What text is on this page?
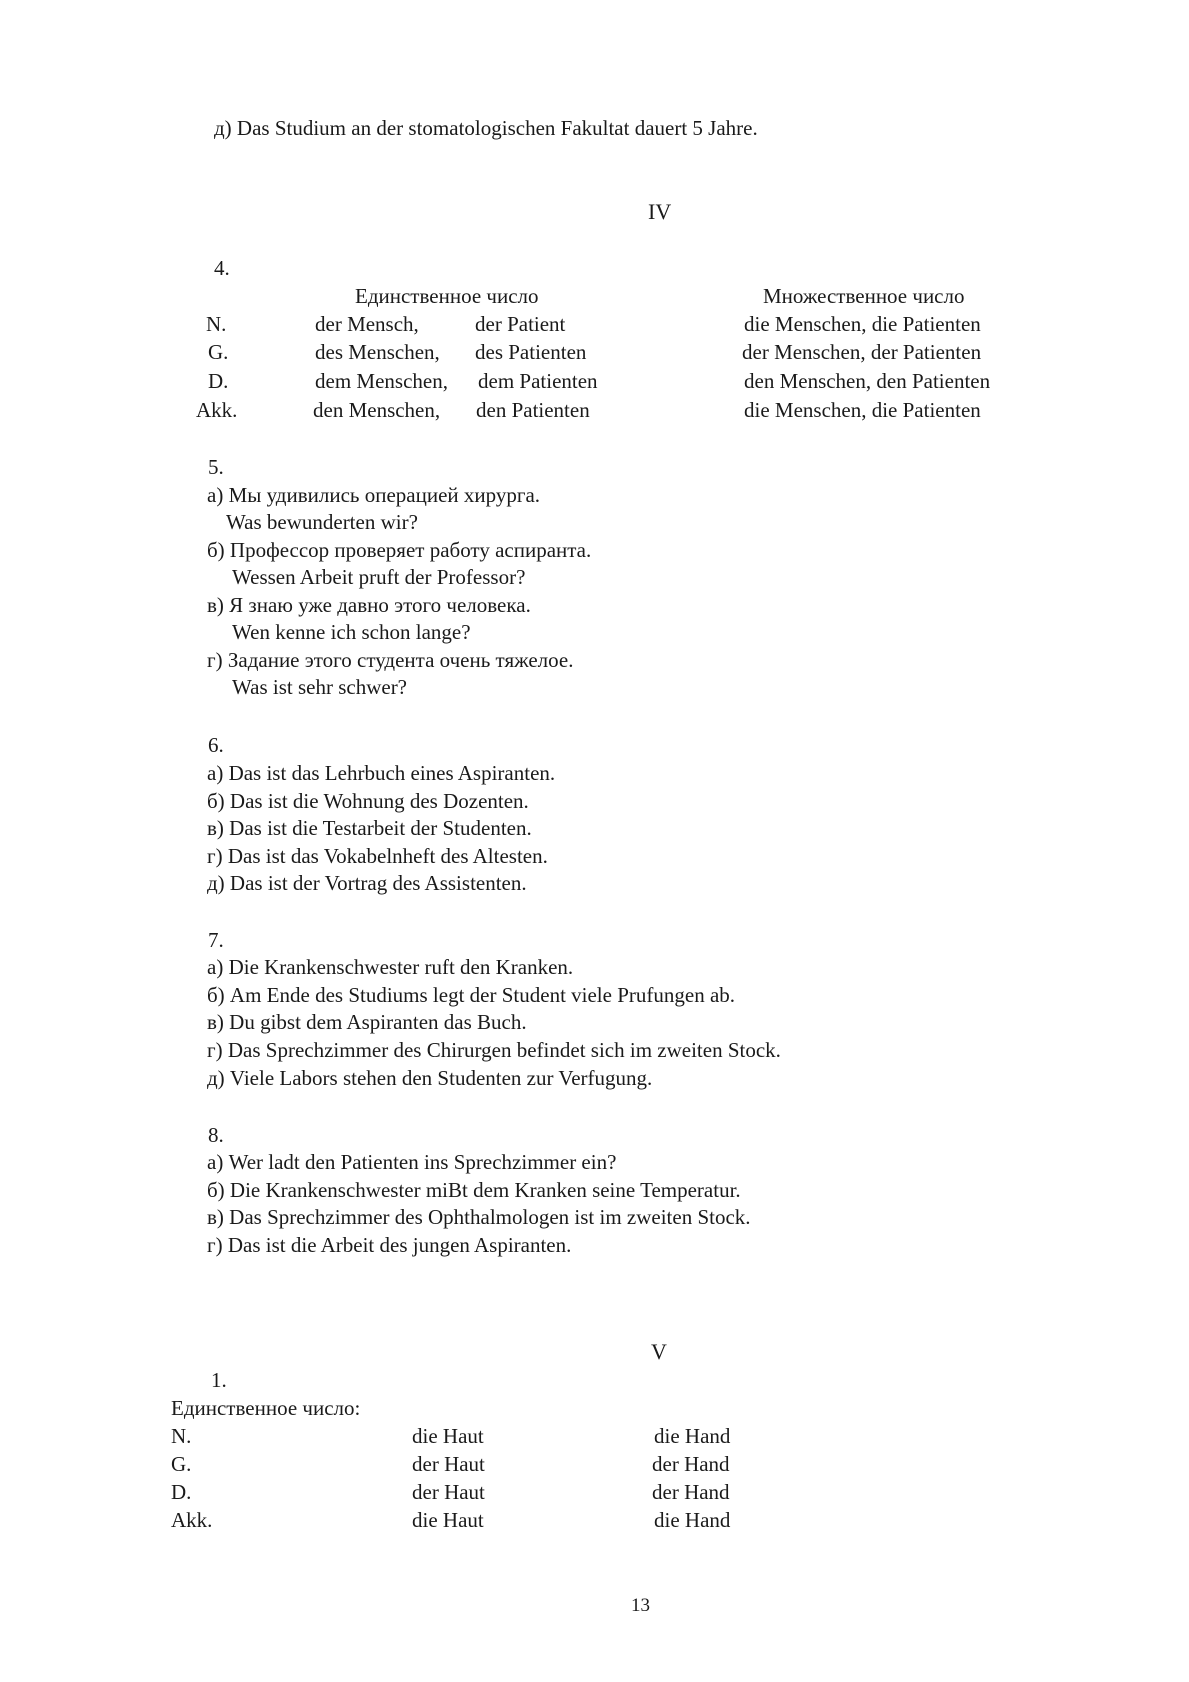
д) Das Studium an der stomatologischen Fakultat dauert 5 Jahre.

IV

4.

Единственное число	Множественное число

N.	der Mensch,	der Patient	die Menschen, die Patienten

G.	des Menschen, des Patienten	der Menschen, der Patienten

D.	dem Menschen, dem Patienten	den Menschen, den Patienten

Akk.	den Menschen, den Patienten	die Menschen, die Patienten

5.

а) Мы удивились операцией хирурга.

Was bewunderten wir?

б) Профессор проверяет работу аспиранта.

Wessen Arbeit pruft der Professor?

в) Я знаю уже давно этого человека.

Wen kenne ich schon lange?

г) Задание этого студента очень тяжелое.

Was ist sehr schwer?

6.

а) Das ist das Lehrbuch eines Aspiranten.

б) Das ist die Wohnung des Dozenten.

в) Das ist die Testarbeit der Studenten.

г) Das ist das Vokabelnheft des Altesten.

д) Das ist der Vortrag des Assistenten.

7.

а) Die Krankenschwester ruft den Kranken.

б) Am Ende des Studiums legt der Student viele Prufungen ab.

в) Du gibst dem Aspiranten das Buch.

г) Das Sprechzimmer des Chirurgen befindet sich im zweiten Stock.

д) Viele Labors stehen den Studenten zur Verfugung.

8.

а) Wer ladt den Patienten ins Sprechzimmer ein?

б) Die Krankenschwester miBt dem Kranken seine Temperatur.

в) Das Sprechzimmer des Ophthalmologen ist im zweiten Stock.

г) Das ist die Arbeit des jungen Aspiranten.

V

1.

Единственное число:

N.	die Haut	die Hand

G.	der Haut	der Hand

D.	der Haut	der Hand

Akk.	die Haut	die Hand

13
